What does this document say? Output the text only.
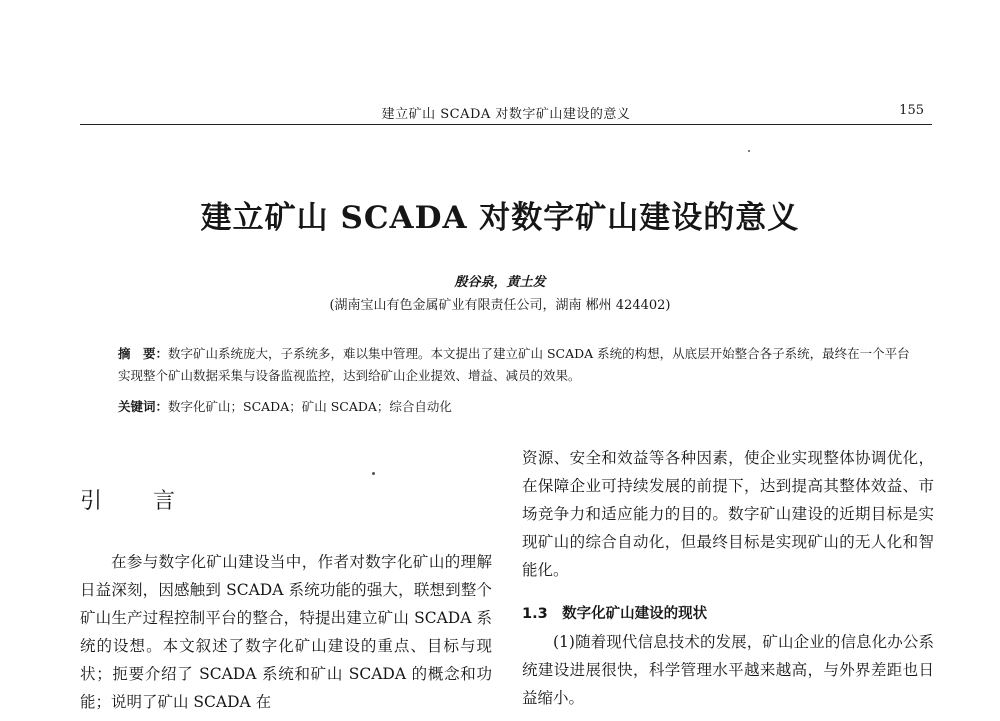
建立矿山 SCADA 对数字矿山建设的意义	155
建立矿山 SCADA 对数字矿山建设的意义
殷谷泉，黄土发
(湖南宝山有色金属矿业有限责任公司，湖南 郴州 424402)
摘　要：数字矿山系统庞大，子系统多，难以集中管理。本文提出了建立矿山 SCADA 系统的构想，从底层开始整合各子系统，最终在一个平台实现整个矿山数据采集与设备监视监控，达到给矿山企业提效、增益、减员的效果。
关键词：数字化矿山；SCADA；矿山 SCADA；综合自动化
引 言

在参与数字化矿山建设当中，作者对数字化矿山的理解日益深刻，因感触到 SCADA 系统功能的强大，联想到整个矿山生产过程控制平台的整合，特提出建立矿山 SCADA 系统的设想。本文叙述了数字化矿山建设的重点、目标与现状；扼要介绍了 SCADA 系统和矿山 SCADA 的概念和功能；说明了矿山 SCADA 在

资源、安全和效益等各种因素，使企业实现整体协调优化，在保障企业可持续发展的前提下，达到提高其整体效益、市场竞争力和适应能力的目的。数字矿山建设的近期目标是实现矿山的综合自动化，但最终目标是实现矿山的无人化和智能化。

1.3　数字化矿山建设的现状

(1)随着现代信息技术的发展，矿山企业的信息化办公系统建设进展很快，科学管理水平越来越高，与外界差距也日益缩小。
